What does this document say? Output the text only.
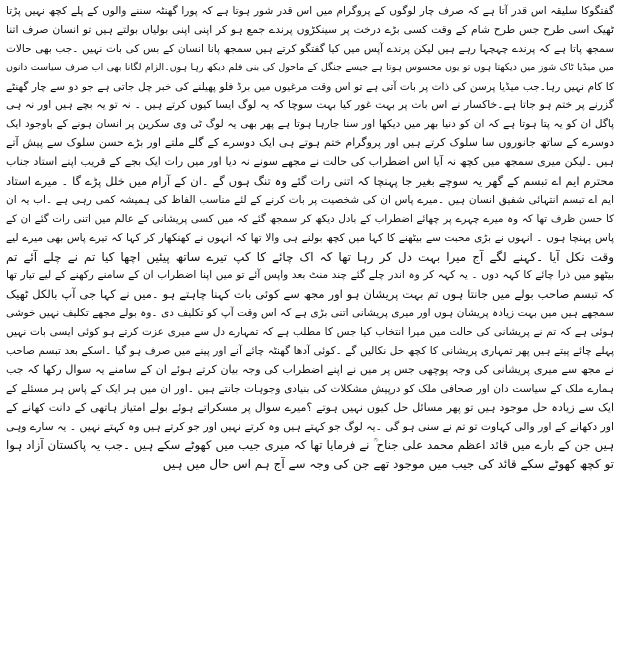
گفتگوکا سلیقہ اس قدر آتا ہے کہ صرف چار لوگوں کے پروگرام میں اس قدر شور ہوتا ہے کہ پورا گھنٹہ سننے والوں کے پلے کچھ نہیں پڑتا
ٹھیک اسی طرح جس طرح شام کے وقت کسی بڑے درخت پر سینکڑوں پرندے جمع ہو کر اپنی اپنی بولیاں بولتے ہیں تو انسان صرف اتنا
سمجھ پاتا ہے کہ پرندے چہچہا رہے ہیں لیکن پرندے آپس میں کیا گفتگو کرتے ہیں سمجھ پانا انسان کے بس کی بات نہیں ۔جب بھی حالات
میں میڈیا ٹاک شوز میں دیکھتا ہوں تو یوں محسوس ہوتا ہے جیسے جنگل کے ماحول کی بنی فلم دیکھ رہا ہوں۔الزام لگانا بھی اب صرف سیاست دانوں
کا کام نہیں رہا۔جب میڈیا پرسن کی ذات پر بات آتی ہے تو اس وقت مرغیوں میں برڈ فلو پھیلنے کی خبر چل جاتی ہے جو دو سے چار گھنٹے
گزرنے پر ختم ہو جاتا ہے۔خاکسار نے اس بات پر بہت غور کیا بہت سوچا کہ یہ لوگ ایسا کیوں کرتے ہیں ۔ نہ تو یہ بچے ہیں اور نہ ہی
پاگل ان کو یہ پتا ہوتا ہے کہ ان کو دنیا بھر میں دیکھا اور سنا جارہا ہوتا ہے پھر بھی یہ لوگ ٹی وی سکرین پر انسان ہونے کے باوجود ایک
دوسرے کے ساتھ جانوروں سا سلوک کرتے ہیں اور پروگرام ختم ہوتے ہی ایک دوسرے کے گلے ملتے اور بڑے حسن سلوک سے پیش آتے
ہیں ۔لیکن میری سمجھ میں کچھ نہ آیا اس اضطراب کی حالت نے مجھے سونے نہ دیا اور میں رات ایک بجے کے قریب اپنے استاد جناب
محترم ایم اے تبسم کے گھر یہ سوچے بغیر جا پہنچا کہ اتنی رات گئے وہ تنگ ہوں گے ۔ان کے آرام میں خلل پڑے گا ۔ میرے استاد
ایم اے تبسم انتہائی شفیق انسان ہیں ۔میرے پاس ان کی شخصیت پر بات کرنے کے لئے مناسب الفاظ کی ہمیشہ کمی رہی ہے ۔اب یہ ان
کا حسن ظرف تھا کہ وہ میرے چہرے پر چھائے اضطراب کے بادل دیکھ کر سمجھ گئے کہ میں کسی پریشانی کے عالم میں اتنی رات گئے ان کے
پاس پہنچا ہوں ۔ انہوں نے بڑی محبت سے بیٹھنے کا کہا میں کچھ بولنے ہی والا تھا کہ انہوں نے کھنکھار کر کہا کہ تیرے پاس بھی میرے لیے
وقت نکل آیا ۔کہنے لگے آج میرا بہت دل کر رہا تھا کہ اک چائے کا کپ تیرے ساتھ پیئیں اچھا کیا تم نے چلے آئے تم
بیٹھو میں ذرا چائے کا کہہ دوں ۔ یہ کہہ کر وہ اندر چلے گئے چند منٹ بعد واپس آئے تو میں اپنا اضطراب ان کے سامنے رکھنے کے لیے تیار تھا
کہ تبسم صاحب بولے میں جانتا ہوں تم بہت پریشان ہو اور مجھ سے کوئی بات کہنا چاہتے ہو ۔میں نے کہا جی آپ بالکل ٹھیک
سمجھے ہیں میں بہت زیادہ پریشان ہوں اور میری پریشانی اتنی بڑی ہے کہ اس وقت آپ کو تکلیف دی ۔وہ بولے مجھے تکلیف نہیں خوشی
ہوئی ہے کہ تم نے پریشانی کی حالت میں میرا انتخاب کیا جس کا مطلب ہے کہ تمہارے دل سے میری عزت کرتے ہو کوئی ایسی بات نہیں
پہلے چائے پیتے ہیں پھر تمہاری پریشانی کا کچھ حل نکالیں گے ۔کوئی آدھا گھنٹہ چائے آنے اور پینے میں صرف ہو گیا ۔اسکے بعد تبسم صاحب
نے مجھ سے میری پریشانی کی وجہ پوچھی جس پر میں نے اپنے اضطراب کی وجہ بیان کرتے ہوئے ان کے سامنے یہ سوال رکھا کہ جب
ہمارے ملک کے سیاست دان اور صحافی ملک کو درپیش مشکلات کی بنیادی وجوہات جانتے ہیں ۔اور ان میں ہر ایک کے پاس ہر مسئلے کے
ایک سے زیادہ حل موجود ہیں تو پھر مسائل حل کیوں نہیں ہوتے ؟میرے سوال پر مسکراتے ہوئے بولے امتیاز ہاتھی کے دانت کھانے کے
اور دکھانے کے اور والی کہاوت تو تم نے سنی ہو گی ۔یہ لوگ جو کہتے ہیں وہ کرتے نہیں اور جو کرتے ہیں وہ کہتے نہیں ۔ یہ سارے وہی
ہیں جن کے بارے میں قائد اعظم محمد علی جناح ؒ نے فرمایا تھا کہ میری جیب میں کھوٹے سکے ہیں ۔جب یہ پاکستان آزاد ہوا
تو کچھ کھوٹے سکے قائد کی جیب میں موجود تھے جن کی وجہ سے آج ہم اس حال میں ہیں
